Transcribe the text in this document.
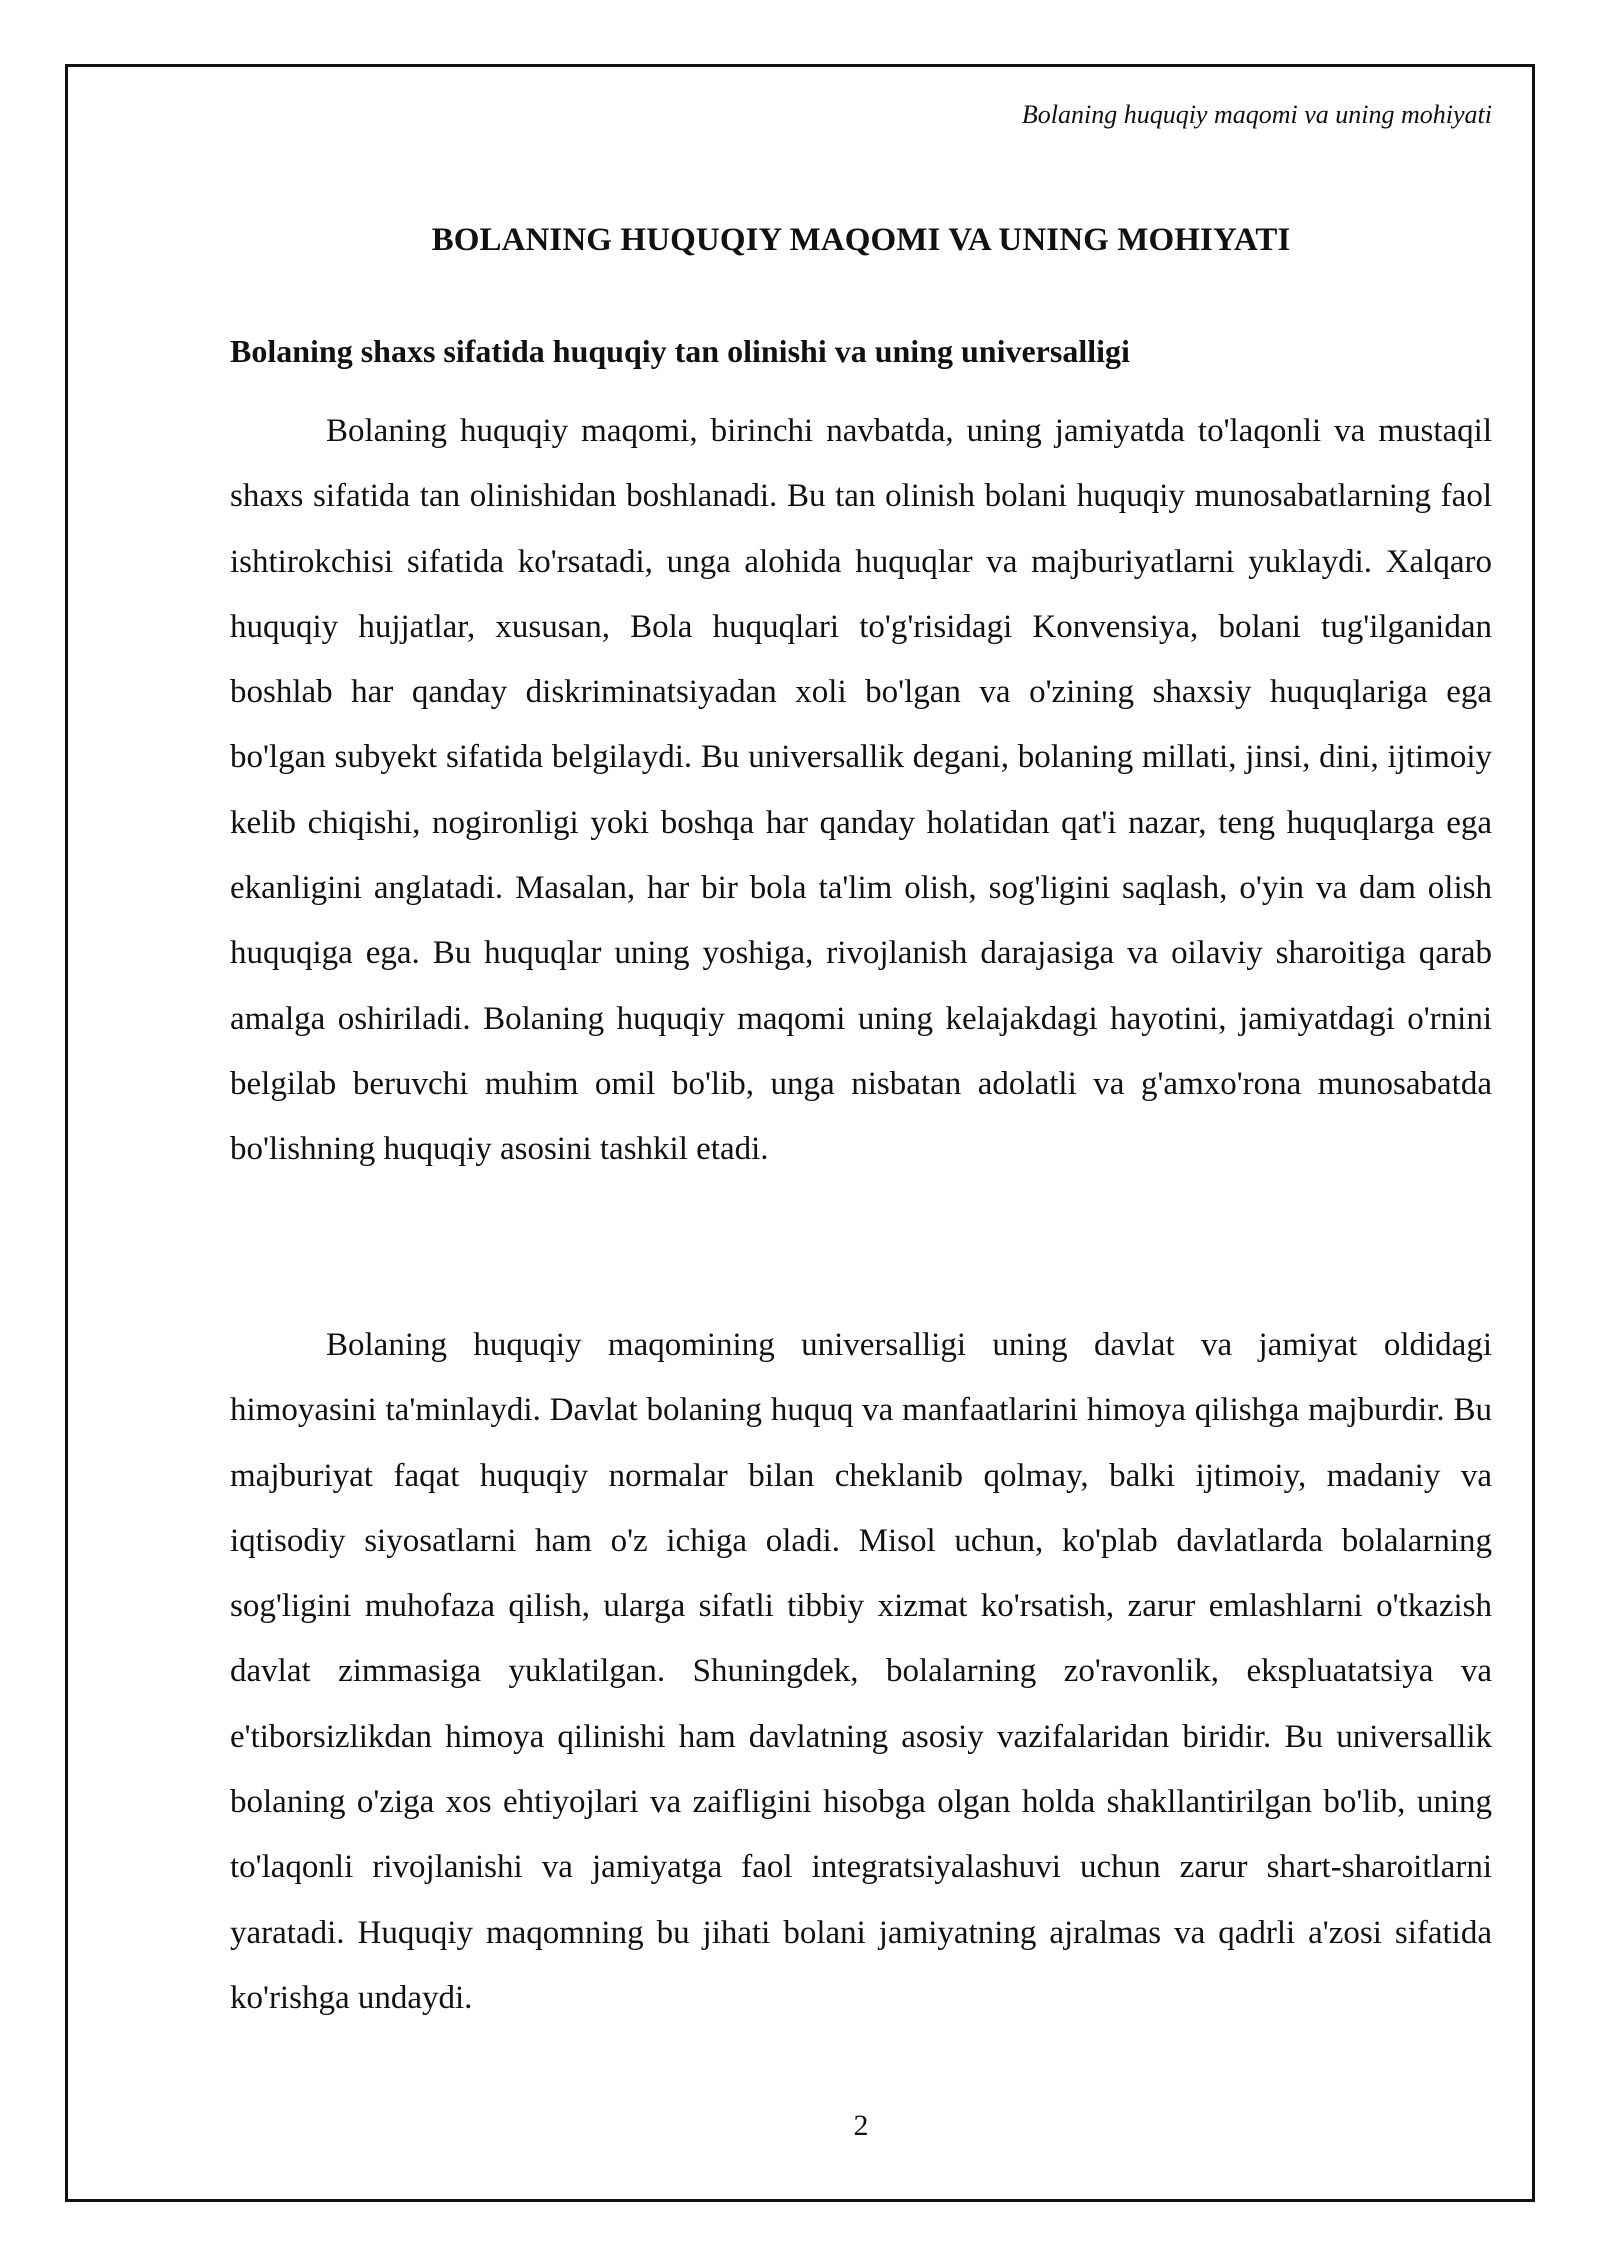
Bolaning huquqiy maqomi va uning mohiyati
BOLANING HUQUQIY MAQOMI VA UNING MOHIYATI
Bolaning shaxs sifatida huquqiy tan olinishi va uning universalligi

Bolaning huquqiy maqomi, birinchi navbatda, uning jamiyatda to'laqonli va mustaqil shaxs sifatida tan olinishidan boshlanadi. Bu tan olinish bolani huquqiy munosabatlarning faol ishtirokchisi sifatida ko'rsatadi, unga alohida huquqlar va majburiyatlarni yuklaydi. Xalqaro huquqiy hujjatlar, xususan, Bola huquqlari to'g'risidagi Konvensiya, bolani tug'ilganidan boshlab har qanday diskriminatsiyadan xoli bo'lgan va o'zining shaxsiy huquqlariga ega bo'lgan subyekt sifatida belgilaydi. Bu universallik degani, bolaning millati, jinsi, dini, ijtimoiy kelib chiqishi, nogironligi yoki boshqa har qanday holatidan qat'i nazar, teng huquqlarga ega ekanligini anglatadi. Masalan, har bir bola ta'lim olish, sog'ligini saqlash, o'yin va dam olish huquqiga ega. Bu huquqlar uning yoshiga, rivojlanish darajasiga va oilaviy sharoitiga qarab amalga oshiriladi. Bolaning huquqiy maqomi uning kelajakdagi hayotini, jamiyatdagi o'rnini belgilab beruvchi muhim omil bo'lib, unga nisbatan adolatli va g'amxo'rona munosabatda bo'lishning huquqiy asosini tashkil etadi.

Bolaning huquqiy maqomining universalligi uning davlat va jamiyat oldidagi himoyasini ta'minlaydi. Davlat bolaning huquq va manfaatlarini himoya qilishga majburdir. Bu majburiyat faqat huquqiy normalar bilan cheklanib qolmay, balki ijtimoiy, madaniy va iqtisodiy siyosatlarni ham o'z ichiga oladi. Misol uchun, ko'plab davlatlarda bolalarning sog'ligini muhofaza qilish, ularga sifatli tibbiy xizmat ko'rsatish, zarur emlashlarni o'tkazish davlat zimmasiga yuklatilgan. Shuningdek, bolalarning zo'ravonlik, ekspluatatsiya va e'tiborsizlikdan himoya qilinishi ham davlatning asosiy vazifalaridan biridir. Bu universallik bolaning o'ziga xos ehtiyojlari va zaifligini hisobga olgan holda shakllantirilgan bo'lib, uning to'laqonli rivojlanishi va jamiyatga faol integratsiyalashuvi uchun zarur shart-sharoitlarni yaratadi. Huquqiy maqomning bu jihati bolani jamiyatning ajralmas va qadrli a'zosi sifatida ko'rishga undaydi.

2
